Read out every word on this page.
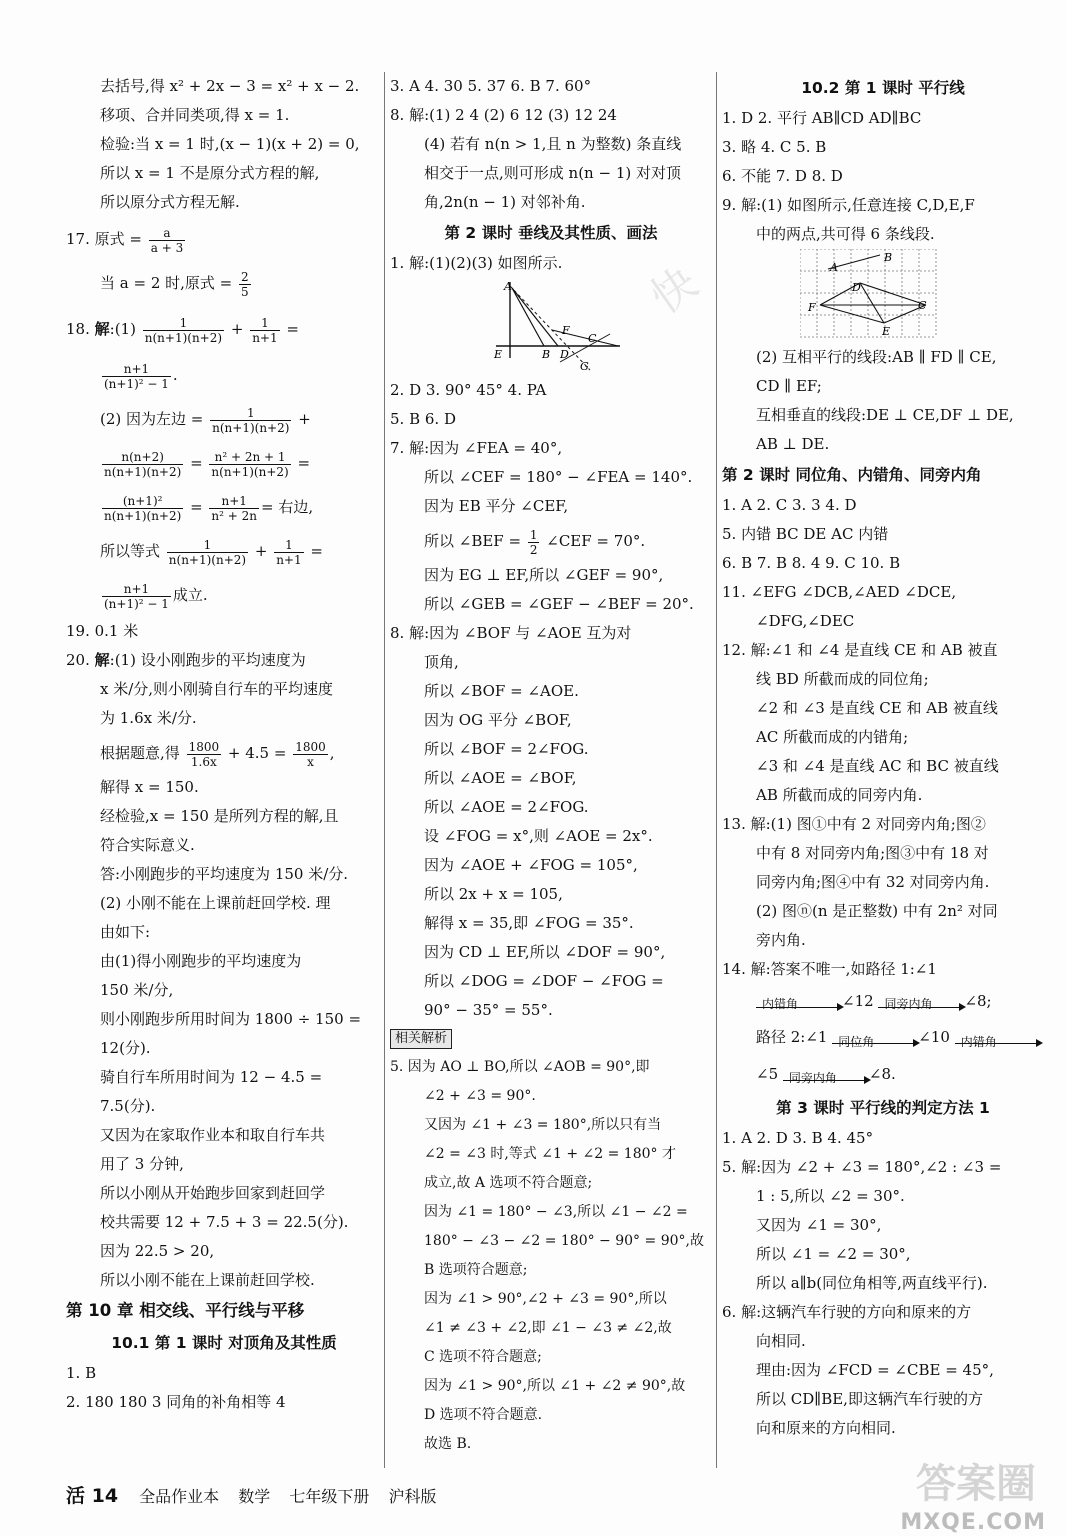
快
去括号,得 x² + 2x − 3 = x² + x − 2.
移项、合并同类项,得 x = 1.
检验:当 x = 1 时,(x − 1)(x + 2) = 0,
所以 x = 1 不是原分式方程的解,
所以原分式方程无解.
17. 原式 = $\frac{a}{a + 3}$
当 a = 2 时,原式 = $\frac{2}{5}$
18. 解:(1) $\frac{1}{n(n+1)(n+2)} + \frac{1}{n+1}$ =
$\frac{n+1}{\text{(n+1)² − 1}}$ .
(2) 因为左边 = $\frac{1}{n(n+1)(n+2)}$ +
$\frac{n(n+2)}{n(n+1)(n+2)} = \frac{\text{n² + 2n + 1}}{n(n+1)(n+2)}$ =
$\frac{\text{(n+1)²}}{n(n+1)(n+2)} = \frac{n+1}{\text{n² + 2n}}$ = 右边,
所以等式 $\frac{1}{n(n+1)(n+2)} + \frac{1}{n+1}$ =
$\frac{n+1}{\text{(n+1)² − 1}}$ 成立.
19. 0.1 米
20. 解:(1) 设小刚跑步的平均速度为
x 米/分,则小刚骑自行车的平均速度
为 1.6x 米/分.
根据题意,得 $\frac{1800}{1.6x} + 4.5 = \frac{1800}{x}$ ,
解得 x = 150.
经检验,x = 150 是所列方程的解,且
符合实际意义.
答:小刚跑步的平均速度为 150 米/分.
(2) 小刚不能在上课前赶回学校. 理
由如下:
由(1)得小刚跑步的平均速度为
150 米/分,
则小刚跑步所用时间为 1800 ÷ 150 =
12(分).
骑自行车所用时间为 12 − 4.5 =
7.5(分).
又因为在家取作业本和取自行车共
用了 3 分钟,
所以小刚从开始跑步回家到赶回学
校共需要 12 + 7.5 + 3 = 22.5(分).
因为 22.5 > 20,
所以小刚不能在上课前赶回学校.
第 10 章 相交线、平行线与平移
10.1 第 1 课时 对顶角及其性质
1. B
2. 180 180 3 同角的补角相等 4
3. A 4. 30 5. 37 6. B 7. 60°
8. 解:(1) 2 4 (2) 6 12 (3) 12 24
(4) 若有 n(n > 1,且 n 为整数) 条直线
相交于一点,则可形成 n(n − 1) 对对顶
角,2n(n − 1) 对邻补角.
第 2 课时 垂线及其性质、画法
1. 解:(1)(2)(3) 如图所示.
A
E	B D
F
C
G
2. D 3. 90° 45° 4. PA
5. B 6. D
7. 解:因为 ∠FEA = 40°,
所以 ∠CEF = 180° − ∠FEA = 140°.
因为 EB 平分 ∠CEF,
所以 ∠BEF = $\frac{1}{2}$ ∠CEF = 70°.
因为 EG ⊥ EF,所以 ∠GEF = 90°,
所以 ∠GEB = ∠GEF − ∠BEF = 20°.
8. 解:因为 ∠BOF 与 ∠AOE 互为对
顶角,
所以 ∠BOF = ∠AOE.
因为 OG 平分 ∠BOF,
所以 ∠BOF = 2∠FOG.
所以 ∠AOE = ∠BOF,
所以 ∠AOE = 2∠FOG.
设 ∠FOG = x°,则 ∠AOE = 2x°.
因为 ∠AOE + ∠FOG = 105°,
所以 2x + x = 105,
解得 x = 35,即 ∠FOG = 35°.
因为 CD ⊥ EF,所以 ∠DOF = 90°,
所以 ∠DOG = ∠DOF − ∠FOG =
90° − 35° = 55°.
相关解析
5. 因为 AO ⊥ BO,所以 ∠AOB = 90°,即
∠2 + ∠3 = 90°.
又因为 ∠1 + ∠3 = 180°,所以只有当
∠2 = ∠3 时,等式 ∠1 + ∠2 = 180° 才
成立,故 A 选项不符合题意;
因为 ∠1 = 180° − ∠3,所以 ∠1 − ∠2 =
180° − ∠3 − ∠2 = 180° − 90° = 90°,故
B 选项符合题意;
因为 ∠1 > 90°,∠2 + ∠3 = 90°,所以
∠1 ≠ ∠3 + ∠2,即 ∠1 − ∠3 ≠ ∠2,故
C 选项不符合题意;
因为 ∠1 > 90°,所以 ∠1 + ∠2 ≠ 90°,故
D 选项不符合题意.
故选 B.
10.2 第 1 课时 平行线
1. D 2. 平行 AB∥CD AD∥BC
3. 略 4. C 5. B
6. 不能 7. D 8. D
9. 解:(1) 如图所示,任意连接 C,D,E,F
中的两点,共可得 6 条线段.
A
B
D
C
F
E
(2) 互相平行的线段:AB ∥ FD ∥ CE,
CD ∥ EF;
互相垂直的线段:DE ⊥ CE,DF ⊥ DE,
AB ⊥ DE.
第 2 课时 同位角、内错角、同旁内角
1. A 2. C 3. 3 4. D
5. 内错 BC DE AC 内错
6. B 7. B 8. 4 9. C 10. B
11. ∠EFG ∠DCB,∠AED ∠DCE,
∠DFG,∠DEC
12. 解:∠1 和 ∠4 是直线 CE 和 AB 被直
线 BD 所截而成的同位角;
∠2 和 ∠3 是直线 CE 和 AB 被直线
AC 所截而成的内错角;
∠3 和 ∠4 是直线 AC 和 BC 被直线
AB 所截而成的同旁内角.
13. 解:(1) 图①中有 2 对同旁内角;图②
中有 8 对同旁内角;图③中有 18 对
同旁内角;图④中有 32 对同旁内角.
(2) 图ⓝ(n 是正整数) 中有 2n² 对同
旁内角.
14. 解:答案不唯一,如路径 1:∠1
内错角	∠12 同旁内角 ∠8;
路径 2:∠1 同位角	∠10 内错角
∠5 同旁内角 ∠8.
第 3 课时 平行线的判定方法 1
1. A 2. D 3. B 4. 45°
5. 解:因为 ∠2 + ∠3 = 180°,∠2 : ∠3 =
1 : 5,所以 ∠2 = 30°.
又因为 ∠1 = 30°,
所以 ∠1 = ∠2 = 30°,
所以 a∥b(同位角相等,两直线平行).
6. 解:这辆汽车行驶的方向和原来的方
向相同.
理由:因为 ∠FCD = ∠CBE = 45°,
所以 CD∥BE,即这辆汽车行驶的方
向和原来的方向相同.
活 14 全品作业本 数学 七年级下册 沪科版	答案圈
MXQE.COM
